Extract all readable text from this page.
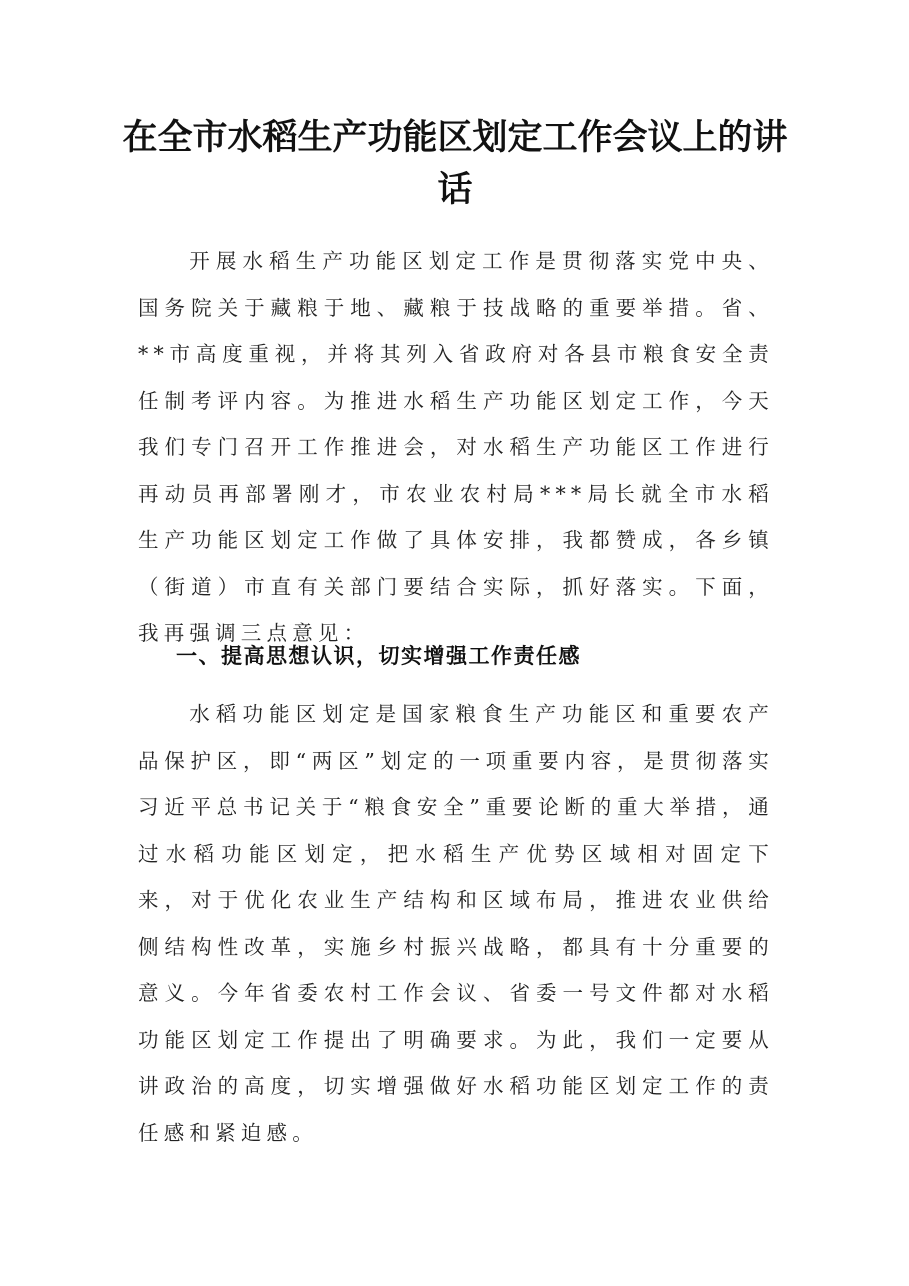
在全市水稻生产功能区划定工作会议上的讲话

开展水稻生产功能区划定工作是贯彻落实党中央、国务院关于藏粮于地、藏粮于技战略的重要举措。省、**市高度重视，并将其列入省政府对各县市粮食安全责任制考评内容。为推进水稻生产功能区划定工作，今天我们专门召开工作推进会，对水稻生产功能区工作进行再动员再部署刚才，市农业农村局***局长就全市水稻生产功能区划定工作做了具体安排，我都赞成，各乡镇（街道）市直有关部门要结合实际，抓好落实。下面，我再强调三点意见：

一、提高思想认识，切实增强工作责任感

水稻功能区划定是国家粮食生产功能区和重要农产品保护区，即“两区”划定的一项重要内容，是贯彻落实习近平总书记关于“粮食安全”重要论断的重大举措，通过水稻功能区划定，把水稻生产优势区域相对固定下来，对于优化农业生产结构和区域布局，推进农业供给侧结构性改革，实施乡村振兴战略，都具有十分重要的意义。今年省委农村工作会议、省委一号文件都对水稻功能区划定工作提出了明确要求。为此，我们一定要从讲政治的高度，切实增强做好水稻功能区划定工作的责任感和紧迫感。
